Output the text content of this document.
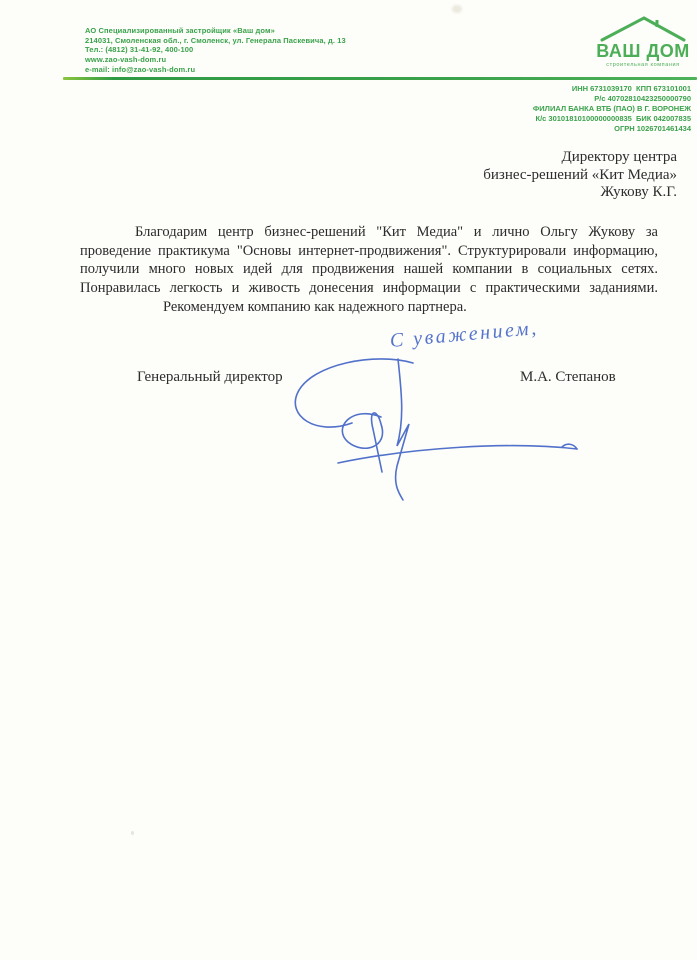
АО Специализированный застройщик «Ваш дом»
214031, Смоленская обл., г. Смоленск, ул. Генерала Паскевича, д. 13
Тел.: (4812) 31-41-92, 400-100
www.zao-vash-dom.ru
e-mail: info@zao-vash-dom.ru
ВАШ ДОМ
строительная компания
ИНН 6731039170  КПП 673101001
Р/с 40702810423250000790
ФИЛИАЛ БАНКА ВТБ (ПАО) В Г. ВОРОНЕЖ
К/с 30101810100000000835  БИК 042007835
ОГРН 1026701461434
Директору центра
бизнес-решений «Кит Медиа»
Жукову К.Г.

Благодарим центр бизнес-решений "Кит Медиа" и лично Ольгу Жукову за проведение практикума "Основы интернет-продвижения". Структурировали информацию, получили много новых идей для продвижения нашей компании в социальных сетях. Понравилась легкость и живость донесения информации с практическими заданиями.

Рекомендуем компанию как надежного партнера.

С уважением,
Генеральный директор	М.А. Степанов
